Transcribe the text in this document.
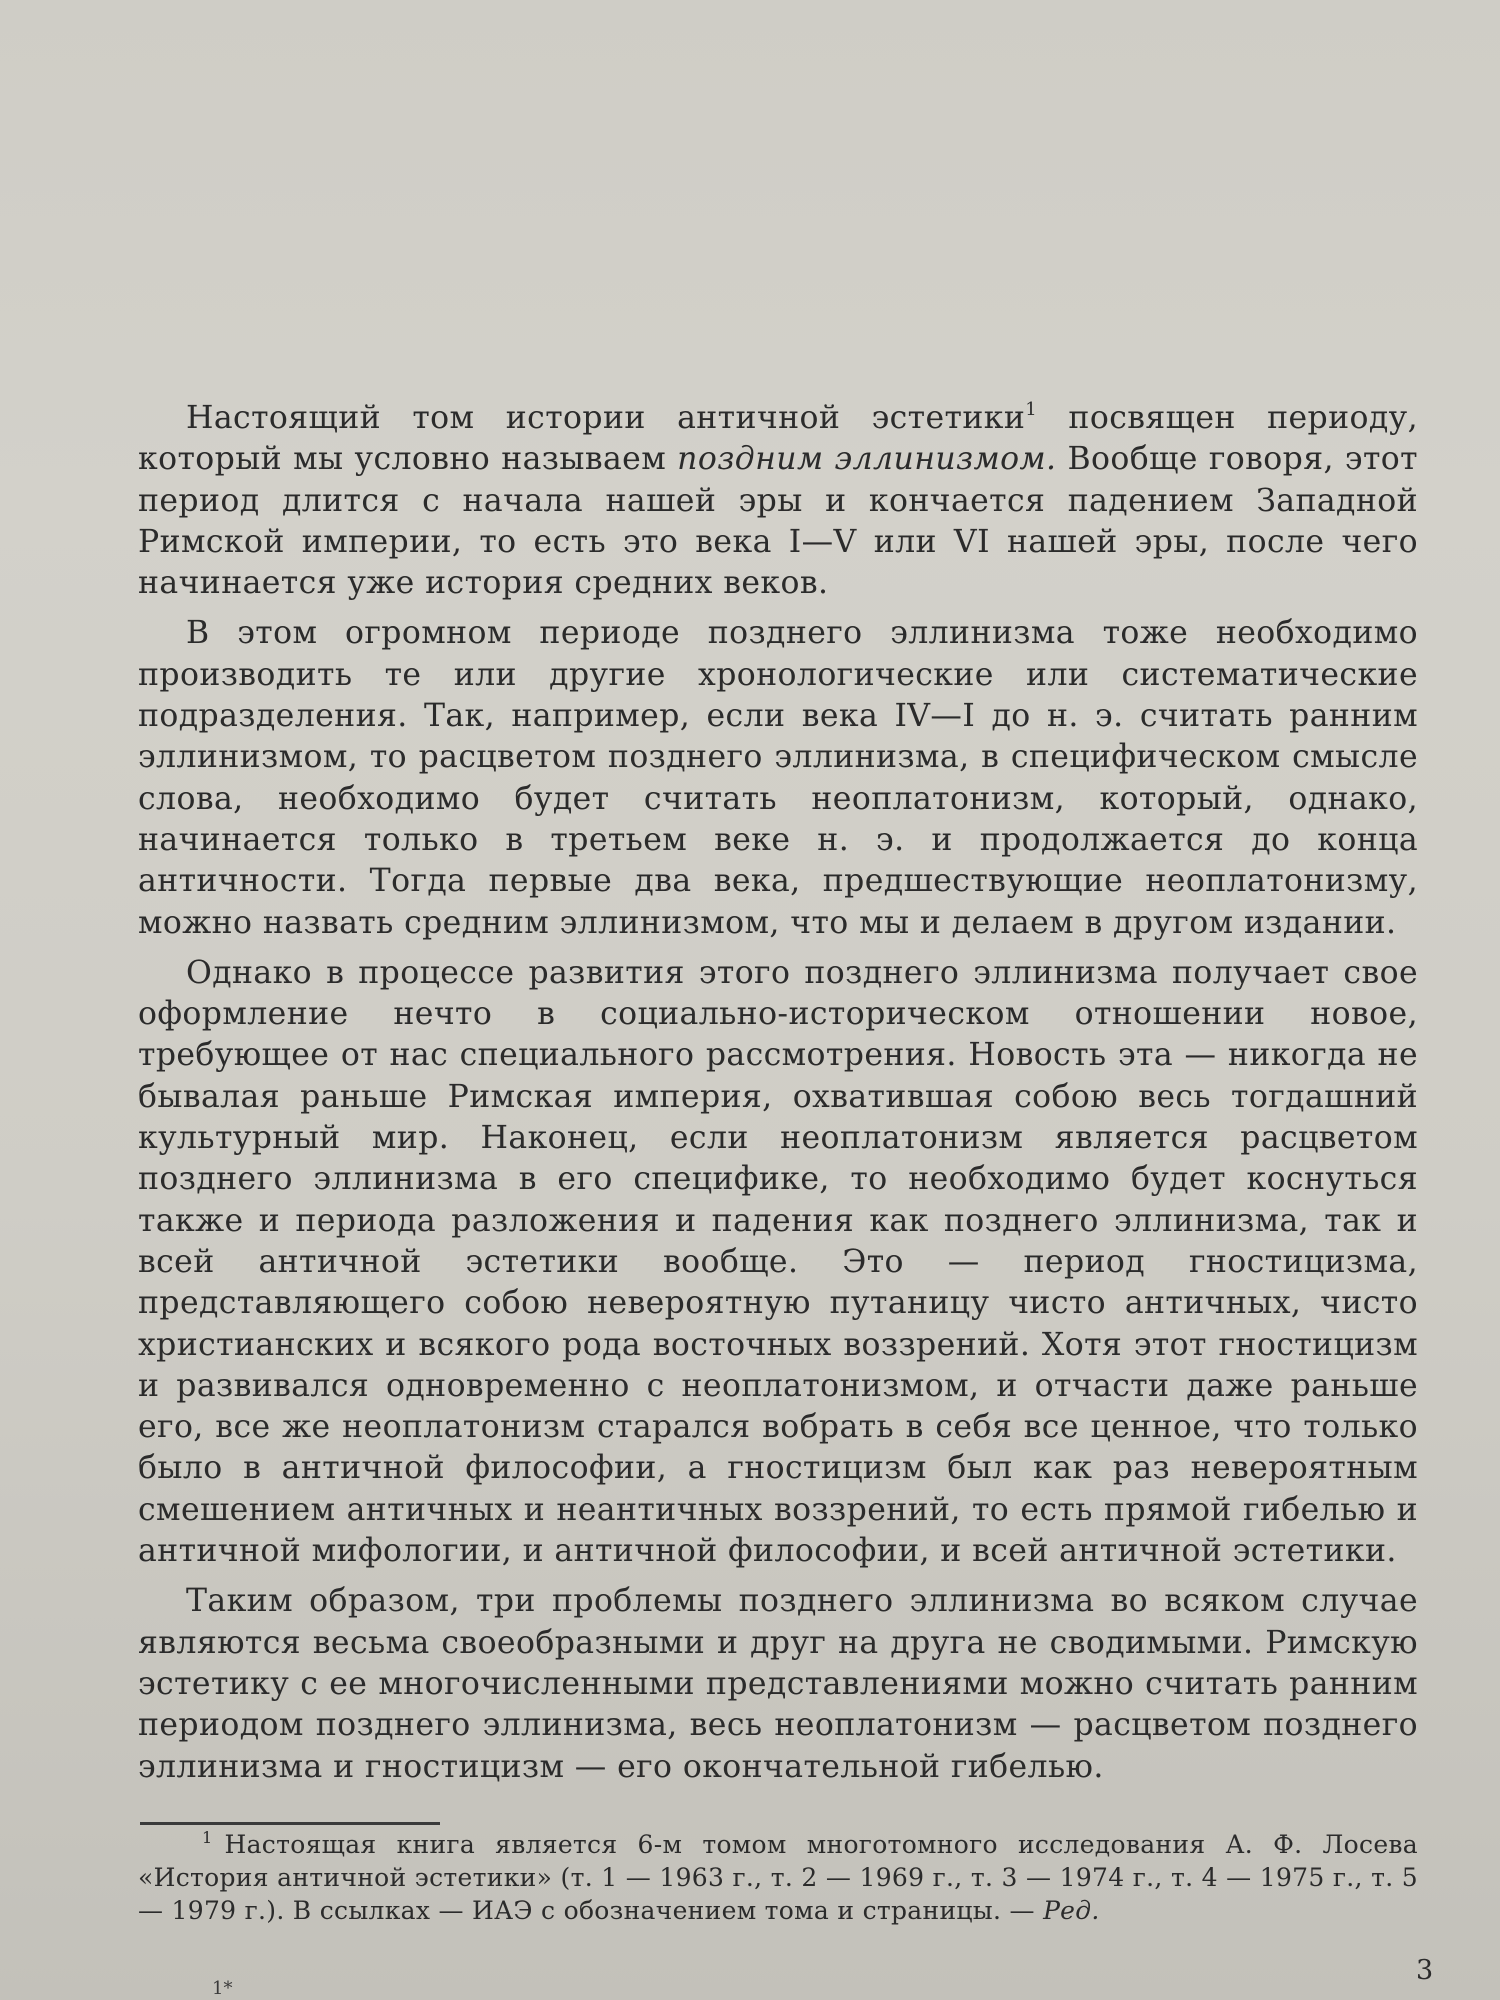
Настоящий том истории античной эстетики$^1$ посвящен периоду, который мы условно называем поздним эллинизмом. Вообще говоря, этот период длится с начала нашей эры и кончается падением Западной Римской империи, то есть это века I—V или VI нашей эры, после чего начинается уже история средних веков.

В этом огромном периоде позднего эллинизма тоже необходимо производить те или другие хронологические или систематические подразделения. Так, например, если века IV—I до н. э. считать ранним эллинизмом, то расцветом позднего эллинизма, в специфическом смысле слова, необходимо будет считать неоплатонизм, который, однако, начинается только в третьем веке н. э. и продолжается до конца античности. Тогда первые два века, предшествующие неоплатонизму, можно назвать средним эллинизмом, что мы и делаем в другом издании.

Однако в процессе развития этого позднего эллинизма получает свое оформление нечто в социально-историческом отношении новое, требующее от нас специального рассмотрения. Новость эта — никогда не бывалая раньше Римская империя, охватившая собою весь тогдашний культурный мир. Наконец, если неоплатонизм является расцветом позднего эллинизма в его специфике, то необходимо будет коснуться также и периода разложения и падения как позднего эллинизма, так и всей античной эстетики вообще. Это — период гностицизма, представляющего собою невероятную путаницу чисто античных, чисто христианских и всякого рода восточных воззрений. Хотя этот гностицизм и развивался одновременно с неоплатонизмом, и отчасти даже раньше его, все же неоплатонизм старался вобрать в себя все ценное, что только было в античной философии, а гностицизм был как раз невероятным смешением античных и неантичных воззрений, то есть прямой гибелью и античной мифологии, и античной философии, и всей античной эстетики.

Таким образом, три проблемы позднего эллинизма во всяком случае являются весьма своеобразными и друг на друга не сводимыми. Римскую эстетику с ее многочисленными представлениями можно считать ранним периодом позднего эллинизма, весь неоплатонизм — расцветом позднего эллинизма и гностицизм — его окончательной гибелью.

$^1$ Настоящая книга является 6-м томом многотомного исследования А. Ф. Лосева «История античной эстетики» (т. 1 — 1963 г., т. 2 — 1969 г., т. 3 — 1974 г., т. 4 — 1975 г., т. 5 — 1979 г.). В ссылках — ИАЭ с обозначением тома и страницы. — Ред.

3
1*
